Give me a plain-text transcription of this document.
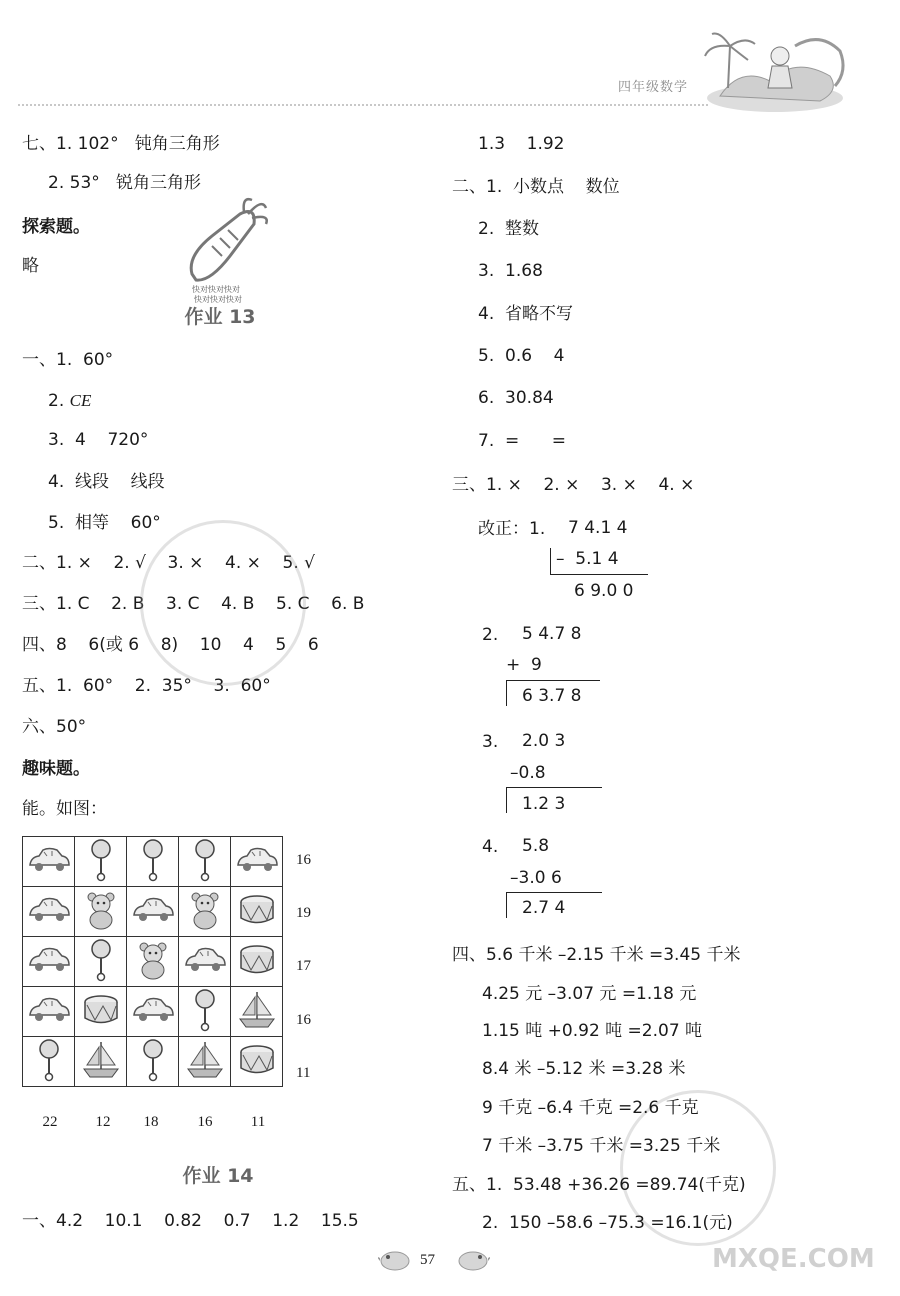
四年级数学
七、1. 102°   钝角三角形
2. 53°   锐角三角形
探索题。
略
快对快对快对
快对快对快对
作业 13
一、1.  60°
2. CE
3.  4    720°
4.  线段    线段
5.  相等    60°
二、1. ×    2. √    3. ×    4. ×    5. √
三、1. C    2. B    3. C    4. B    5. C    6. B
四、8    6(或 6    8)    10    4    5    6
五、1.  60°    2.  35°    3.  60°
六、50°
趣味题。
能。如图：

16
19
17
16
11
22	12	18	16	11
作业 14
一、4.2    10.1    0.82    0.7    1.2    15.5
1.3    1.92
二、1.  小数点    数位
2.  整数
3.  1.68
4.  省略不写
5.  0.6    4
6.  30.84
7.  =      =
三、1. ×    2. ×    3. ×    4. ×
改正：1. 7 4.1 4
–  5.1 4
6 9.0 0
2. 5 4.7 8
+  9
6 3.7 8
3. 2.0 3
–0.8
1.2 3
4. 5.8
–3.0 6
2.7 4
四、5.6 千米 –2.15 千米 =3.45 千米
4.25 元 –3.07 元 =1.18 元
1.15 吨 +0.92 吨 =2.07 吨
8.4 米 –5.12 米 =3.28 米
9 千克 –6.4 千克 =2.6 千克
7 千米 –3.75 千米 =3.25 千米
五、1.  53.48 +36.26 =89.74(千克)
2.  150 –58.6 –75.3 =16.1(元)
57	MXQE.COM
